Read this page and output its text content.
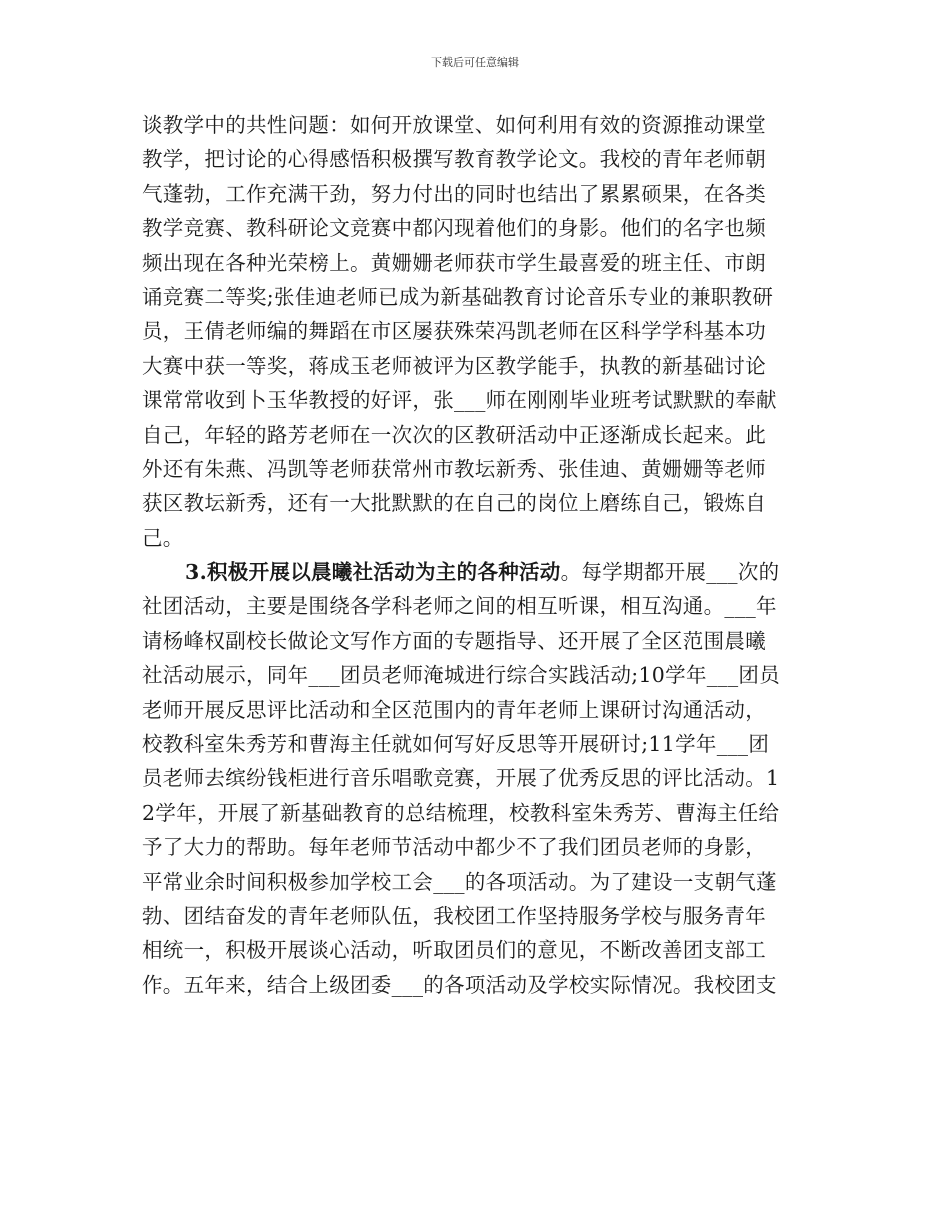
下载后可任意编辑
谈教学中的共性问题：如何开放课堂、如何利用有效的资源推动课堂
教学，把讨论的心得感悟积极撰写教育教学论文。我校的青年老师朝
气蓬勃，工作充满干劲，努力付出的同时也结出了累累硕果，在各类
教学竞赛、教科研论文竞赛中都闪现着他们的身影。他们的名字也频
频出现在各种光荣榜上。黄姗姗老师获市学生最喜爱的班主任、市朗
诵竞赛二等奖;张佳迪老师已成为新基础教育讨论音乐专业的兼职教研
员，王倩老师编的舞蹈在市区屡获殊荣冯凯老师在区科学学科基本功
大赛中获一等奖，蒋成玉老师被评为区教学能手，执教的新基础讨论
课常常收到卜玉华教授的好评，张___师在刚刚毕业班考试默默的奉献
自己，年轻的路芳老师在一次次的区教研活动中正逐渐成长起来。此
外还有朱燕、冯凯等老师获常州市教坛新秀、张佳迪、黄姗姗等老师
获区教坛新秀，还有一大批默默的在自己的岗位上磨练自己，锻炼自
己。
3.积极开展以晨曦社活动为主的各种活动。每学期都开展___次的
社团活动，主要是围绕各学科老师之间的相互听课，相互沟通。___年
请杨峰权副校长做论文写作方面的专题指导、还开展了全区范围晨曦
社活动展示，同年___团员老师淹城进行综合实践活动;10学年___团员
老师开展反思评比活动和全区范围内的青年老师上课研讨沟通活动，
校教科室朱秀芳和曹海主任就如何写好反思等开展研讨;11学年___团
员老师去缤纷钱柜进行音乐唱歌竞赛，开展了优秀反思的评比活动。1
2学年，开展了新基础教育的总结梳理，校教科室朱秀芳、曹海主任给
予了大力的帮助。每年老师节活动中都少不了我们团员老师的身影，
平常业余时间积极参加学校工会___的各项活动。为了建设一支朝气蓬
勃、团结奋发的青年老师队伍，我校团工作坚持服务学校与服务青年
相统一，积极开展谈心活动，听取团员们的意见，不断改善团支部工
作。五年来，结合上级团委___的各项活动及学校实际情况。我校团支
